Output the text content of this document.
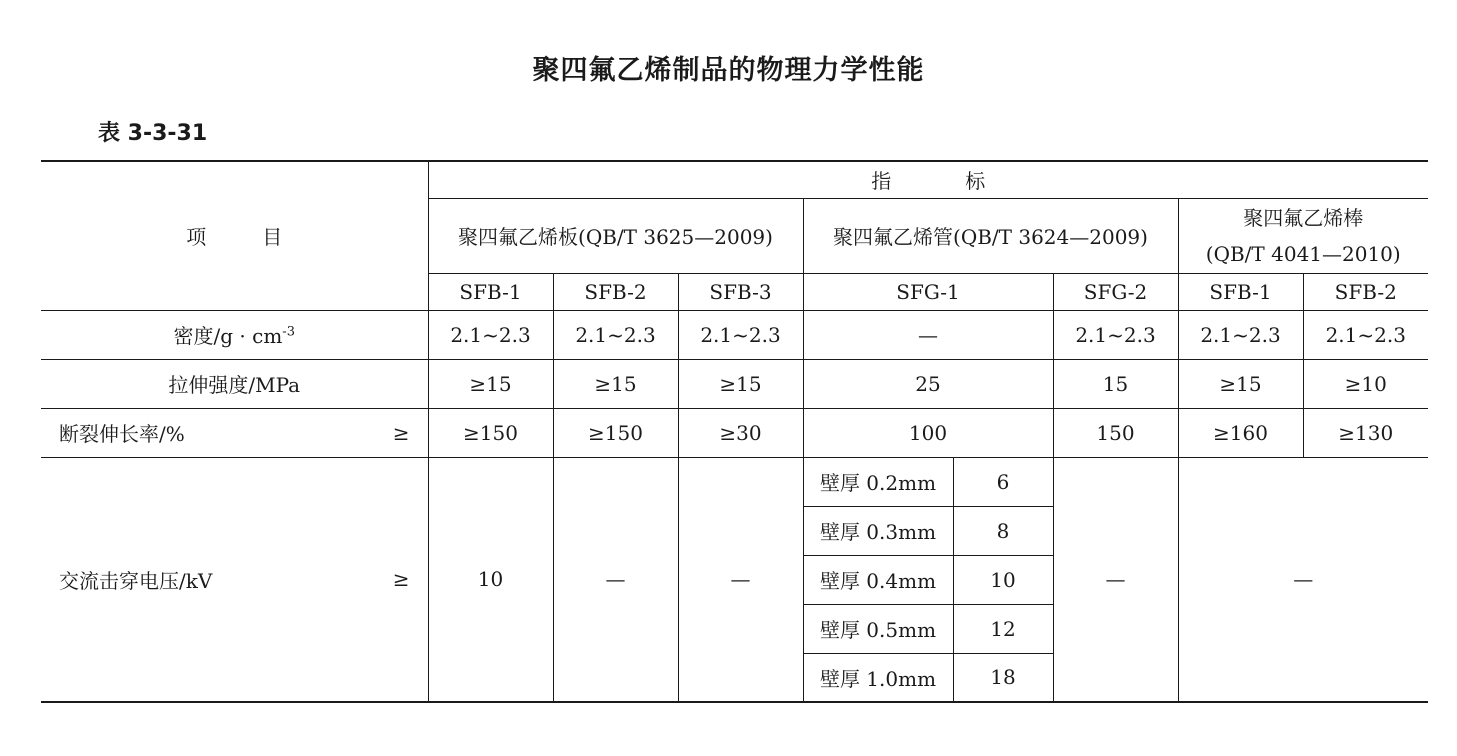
聚四氟乙烯制品的物理力学性能
表 3-3-31
项 目	指 标							
	聚四氟乙烯板(QB/T 3625—2009)			聚四氟乙烯管(QB/T 3624—2009)			聚四氟乙烯棒
(QB/T 4041—2010)	

	SFB-1	SFB-2	SFB-3	SFG-1		SFG-2	SFB-1	SFB-2
密度$/g \cdot cm^{-3}$	2.1~2.3	2.1~2.3	2.1~2.3	—		2.1~2.3	2.1~2.3	2.1~2.3
拉伸强度/MPa	≥15	≥15	≥15	25		15	≥15	≥10

断裂伸长率/% ≥	≥150	≥150	≥30	100		150	≥160	≥130

交流击穿电压/kV ≥	10	—	—	壁厚 0.2mm	6	—	—	
				壁厚 0.3mm	8			
				壁厚 0.4mm	10			
				壁厚 0.5mm	12			
				壁厚 1.0mm	18			
